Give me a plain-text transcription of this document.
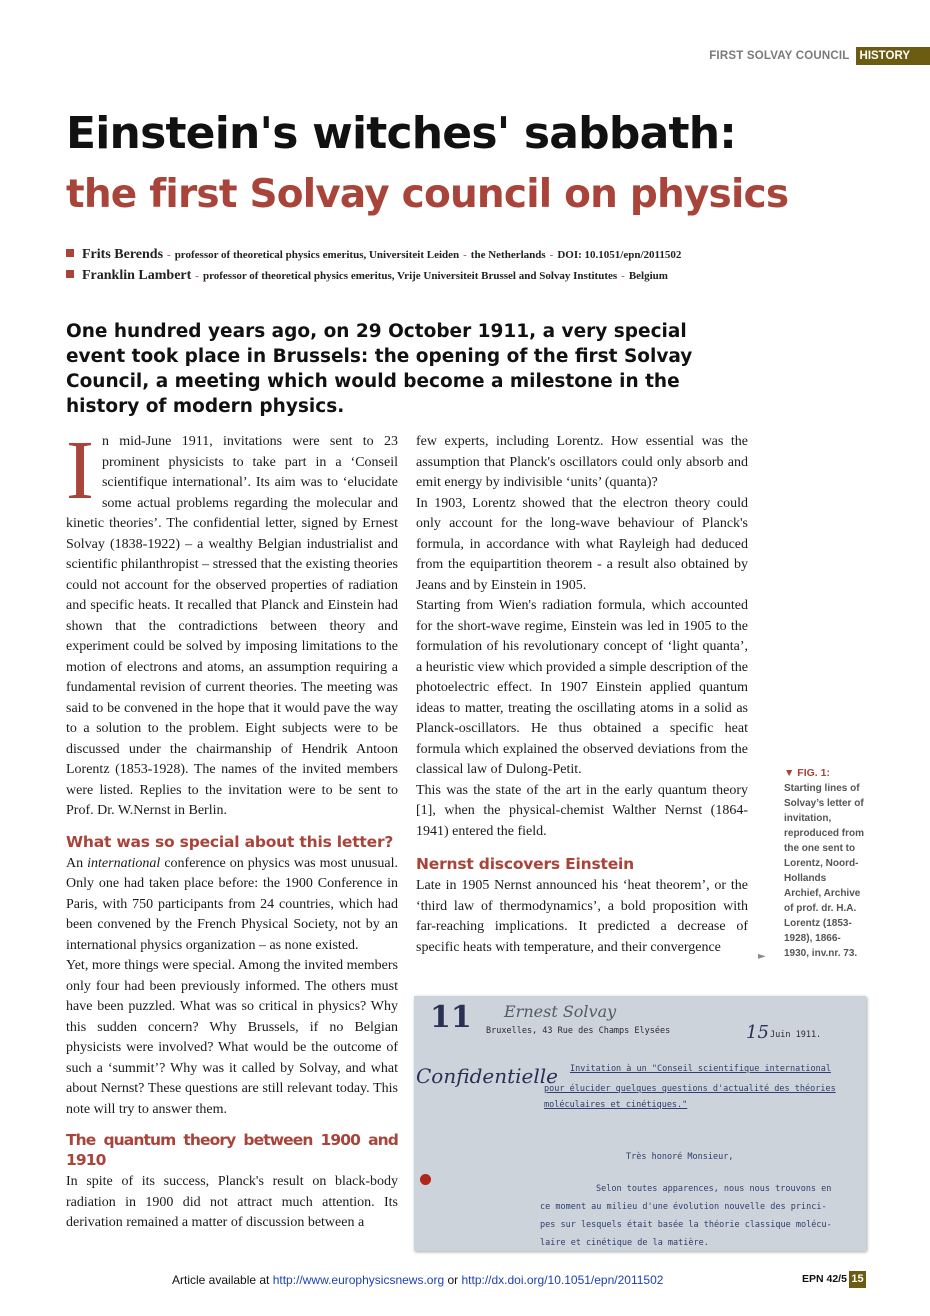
FIRST SOLVAY COUNCIL HISTORY
Einstein's witches' sabbath:
the first Solvay council on physics
Frits Berends - professor of theoretical physics emeritus, Universiteit Leiden - the Netherlands - DOI: 10.1051/epn/2011502
Franklin Lambert - professor of theoretical physics emeritus, Vrije Universiteit Brussel and Solvay Institutes - Belgium

One hundred years ago, on 29 October 1911, a very special event took place in Brussels: the opening of the first Solvay Council, a meeting which would become a milestone in the history of modern physics.

In mid-June 1911, invitations were sent to 23 prominent physicists to take part in a ‘Conseil scientifique international’. Its aim was to ‘elucidate some actual problems regarding the molecular and kinetic theories’. The confidential letter, signed by Ernest Solvay (1838-1922) – a wealthy Belgian industrialist and scientific philanthropist – stressed that the existing theories could not account for the observed properties of radiation and specific heats. It recalled that Planck and Einstein had shown that the contradictions between theory and experiment could be solved by imposing limitations to the motion of electrons and atoms, an assumption requiring a fundamental revision of current theories. The meeting was said to be convened in the hope that it would pave the way to a solution to the problem. Eight subjects were to be discussed under the chairmanship of Hendrik Antoon Lorentz (1853-1928). The names of the invited members were listed. Replies to the invitation were to be sent to Prof. Dr. W.Nernst in Berlin.

What was so special about this letter?

An international conference on physics was most unusual. Only one had taken place before: the 1900 Conference in Paris, with 750 participants from 24 countries, which had been convened by the French Physical Society, not by an international physics organization – as none existed.

Yet, more things were special. Among the invited members only four had been previously informed. The others must have been puzzled. What was so critical in physics? Why this sudden concern? Why Brussels, if no Belgian physicists were involved? What would be the outcome of such a ‘summit’? Why was it called by Solvay, and what about Nernst? These questions are still relevant today. This note will try to answer them.

The quantum theory between 1900 and 1910

In spite of its success, Planck's result on black-body radiation in 1900 did not attract much attention. Its derivation remained a matter of discussion between a

few experts, including Lorentz. How essential was the assumption that Planck's oscillators could only absorb and emit energy by indivisible ‘units’ (quanta)?

In 1903, Lorentz showed that the electron theory could only account for the long-wave behaviour of Planck's formula, in accordance with what Rayleigh had deduced from the equipartition theorem - a result also obtained by Jeans and by Einstein in 1905.

Starting from Wien's radiation formula, which accounted for the short-wave regime, Einstein was led in 1905 to the formulation of his revolutionary concept of ‘light quanta’, a heuristic view which provided a simple description of the photoelectric effect. In 1907 Einstein applied quantum ideas to matter, treating the oscillating atoms in a solid as Planck-oscillators. He thus obtained a specific heat formula which explained the observed deviations from the classical law of Dulong-Petit.

This was the state of the art in the early quantum theory [1], when the physical-chemist Walther Nernst (1864-1941) entered the field.

Nernst discovers Einstein

Late in 1905 Nernst announced his ‘heat theorem’, or the ‘third law of thermodynamics’, a bold proposition with far-reaching implications. It predicted a decrease of specific heats with temperature, and their convergence

▼ FIG. 1:
Starting lines of Solvay’s letter of invitation, reproduced from the one sent to Lorentz, Noord-Hollands Archief, Archive of prof. dr. H.A. Lorentz (1853-1928), 1866-1930, inv.nr. 73.
►
11 Ernest Solvay
Bruxelles, 43 Rue des Champs Elysées	15 Juin 1911.
Confidentielle Invitation à un "Conseil scientifique international
pour élucider quelques questions d'actualité des théories
moléculaires et cinétiques."
Très honoré Monsieur,
Selon toutes apparences, nous nous trouvons en
ce moment au milieu d'une évolution nouvelle des princi-
pes sur lesquels était basée la théorie classique molécu-
laire et cinétique de la matière.
Article available at http://www.europhysicsnews.org or http://dx.doi.org/10.1051/epn/2011502	EPN 42/5 15
